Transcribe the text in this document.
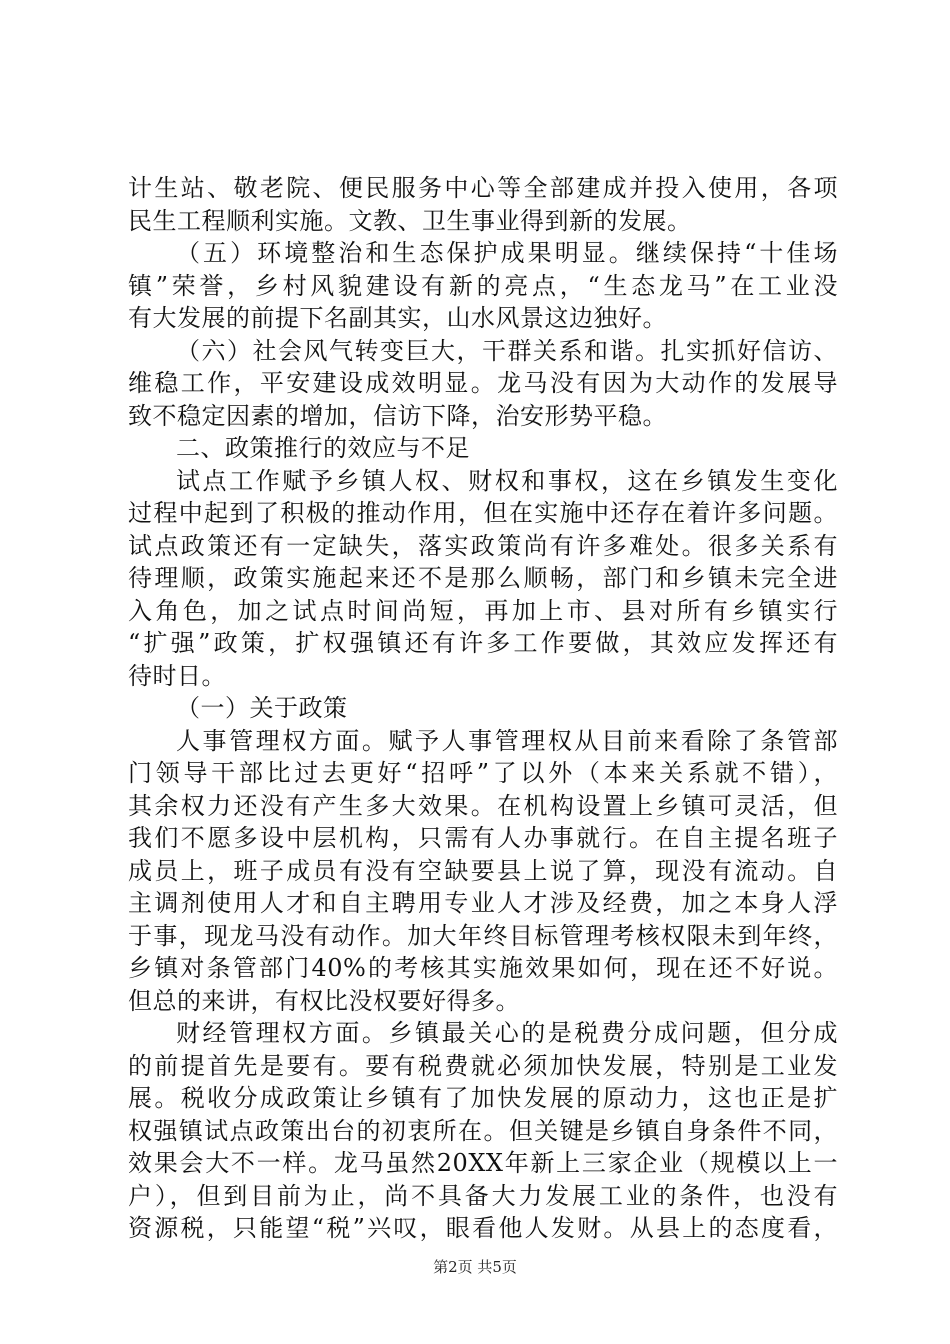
计生站、敬老院、便民服务中心等全部建成并投入使用，各项
民生工程顺利实施。文教、卫生事业得到新的发展。
（五）环境整治和生态保护成果明显。继续保持“十佳场
镇”荣誉，乡村风貌建设有新的亮点，“生态龙马”在工业没
有大发展的前提下名副其实，山水风景这边独好。
（六）社会风气转变巨大，干群关系和谐。扎实抓好信访、
维稳工作，平安建设成效明显。龙马没有因为大动作的发展导
致不稳定因素的增加，信访下降，治安形势平稳。
二、政策推行的效应与不足
试点工作赋予乡镇人权、财权和事权，这在乡镇发生变化
过程中起到了积极的推动作用，但在实施中还存在着许多问题。
试点政策还有一定缺失，落实政策尚有许多难处。很多关系有
待理顺，政策实施起来还不是那么顺畅，部门和乡镇未完全进
入角色，加之试点时间尚短，再加上市、县对所有乡镇实行
“扩强”政策，扩权强镇还有许多工作要做，其效应发挥还有
待时日。
（一）关于政策
人事管理权方面。赋予人事管理权从目前来看除了条管部
门领导干部比过去更好“招呼”了以外（本来关系就不错），
其余权力还没有产生多大效果。在机构设置上乡镇可灵活，但
我们不愿多设中层机构，只需有人办事就行。在自主提名班子
成员上，班子成员有没有空缺要县上说了算，现没有流动。自
主调剂使用人才和自主聘用专业人才涉及经费，加之本身人浮
于事，现龙马没有动作。加大年终目标管理考核权限未到年终，
乡镇对条管部门40%的考核其实施效果如何，现在还不好说。
但总的来讲，有权比没权要好得多。
财经管理权方面。乡镇最关心的是税费分成问题，但分成
的前提首先是要有。要有税费就必须加快发展，特别是工业发
展。税收分成政策让乡镇有了加快发展的原动力，这也正是扩
权强镇试点政策出台的初衷所在。但关键是乡镇自身条件不同，
效果会大不一样。龙马虽然20XX年新上三家企业（规模以上一
户），但到目前为止，尚不具备大力发展工业的条件，也没有
资源税，只能望“税”兴叹，眼看他人发财。从县上的态度看，
第2页 共5页
